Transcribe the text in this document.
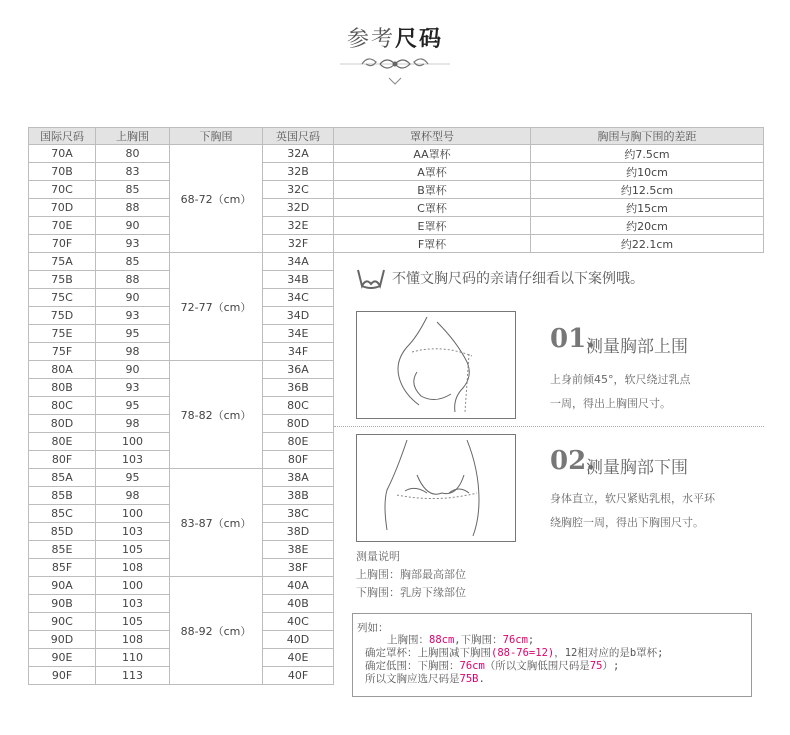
参考尺码
国际尺码	上胸围	下胸围	英国尺码	罩杯型号	胸围与胸下围的差距
70A	80	68-72（cm）	32A	AA罩杯	约7.5cm
70B	83		32B	A罩杯	约10cm
70C	85		32C	B罩杯	约12.5cm
70D	88		32D	C罩杯	约15cm
70E	90		32E	E罩杯	约20cm
70F	93		32F	F罩杯	约22.1cm
75A	85	72-77（cm）	34A		
75B	88		34B		
75C	90		34C		
75D	93		34D		
75E	95		34E		
75F	98		34F		
80A	90	78-82（cm）	36A		
80B	93		36B		
80C	95		80C		
80D	98		80D		
80E	100		80E		
80F	103		80F		
85A	95	83-87（cm）	38A		
85B	98		38B		
85C	100		38C		
85D	103		38D		
85E	105		38E		
85F	108		38F		
90A	100	88-92（cm）	40A		
90B	103		40B		
90C	105		40C		
90D	108		40D		
90E	110		40E		
90F	113		40F		
不懂文胸尺码的亲请仔细看以下案例哦。
01.
测量胸部上围
上身前倾45°，软尺绕过乳点
一周，得出上胸围尺寸。
02.
测量胸部下围
身体直立，软尺紧贴乳根，水平环
绕胸腔一周，得出下胸围尺寸。
测量说明
上胸围：胸部最高部位
下胸围：乳房下缘部位
列如：
上胸围：88cm,下胸围：76cm;
确定罩杯：上胸围减下胸围(88-76=12)，12相对应的是b罩杯;
确定低围：下胸围：76cm（所以文胸低围尺码是75）;
所以文胸应选尺码是75B.
